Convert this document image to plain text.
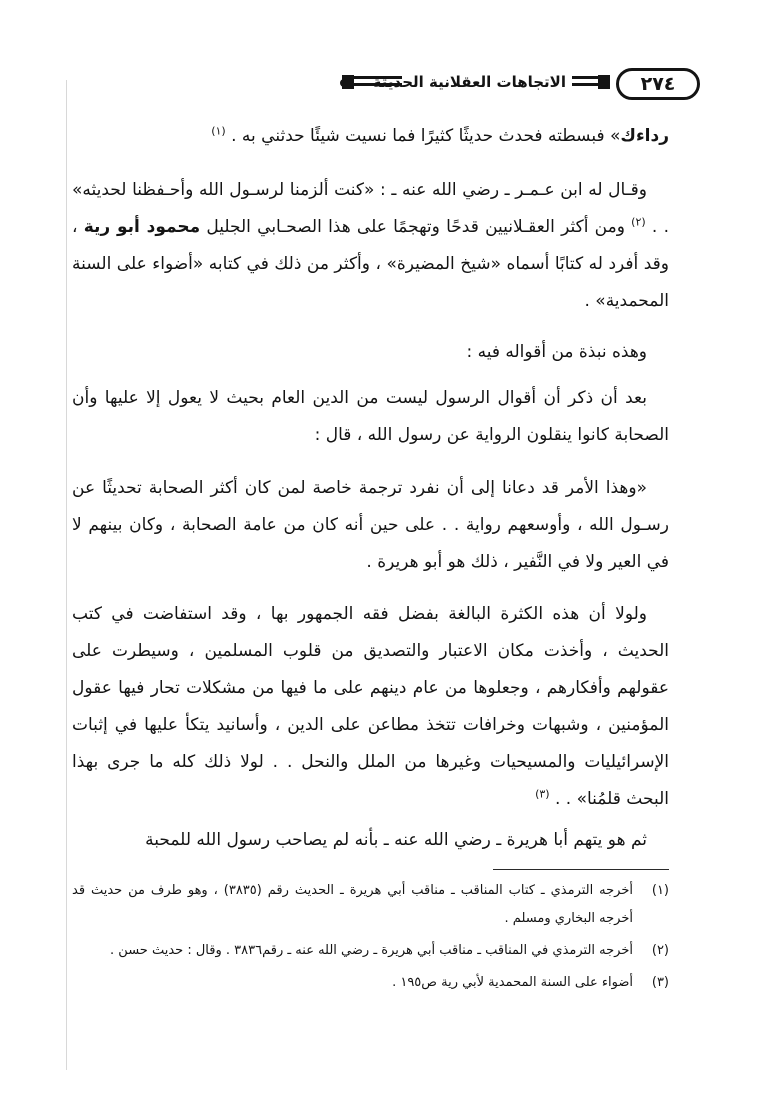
٢٧٤
الاتجاهات العقلانية الحديثة

رداءك» فبسطته فحدث حديثًا كثيرًا فما نسيت شيئًا حدثني به . $^{(١)}$

وقـال له ابن عـمـر ـ رضي الله عنه ـ : «كنت ألزمنا لرسـول الله وأحـفظنا لحديثه» . . $^{(٢)}$ ومن أكثر العقـلانيين قدحًا وتهجمًا على هذا الصحـابي الجليل محمود أبو رية ، وقد أفرد له كتابًا أسماه «شيخ المضيرة» ، وأكثر من ذلك في كتابه «أضواء على السنة المحمدية» .

وهذه نبذة من أقواله فيه :

بعد أن ذكر أن أقوال الرسول ليست من الدين العام بحيث لا يعول إلا عليها وأن الصحابة كانوا ينقلون الرواية عن رسول الله ، قال :

«وهذا الأمر قد دعانا إلى أن نفرد ترجمة خاصة لمن كان أكثر الصحابة تحديثًا عن رسـول الله ، وأوسعهم رواية . . على حين أنه كان من عامة الصحابة ، وكان بينهم لا في العير ولا في النَّفير ، ذلك هو أبو هريرة .

ولولا أن هذه الكثرة البالغة بفضل فقه الجمهور بها ، وقد استفاضت في كتب الحديث ، وأخذت مكان الاعتبار والتصديق من قلوب المسلمين ، وسيطرت على عقولهم وأفكارهم ، وجعلوها من عام دينهم على ما فيها من مشكلات تحار فيها عقول المؤمنين ، وشبهات وخرافات تتخذ مطاعن على الدين ، وأسانيد يتكأ عليها في إثبات الإسرائيليات والمسيحيات وغيرها من الملل والنحل . . لولا ذلك كله ما جرى بهذا البحث قلمُنا» . . $^{(٣)}$

ثم هو يتهم أبا هريرة ـ رضي الله عنه ـ بأنه لم يصاحب رسول الله للمحبة

(١)أخرجه الترمذي ـ كتاب المناقب ـ مناقب أبي هريرة ـ الحديث رقم (٣٨٣٥) ، وهو طرف من حديث قد أخرجه البخاري ومسلم .

(٢)أخرجه الترمذي في المناقب ـ مناقب أبي هريرة ـ رضي الله عنه ـ رقم٣٨٣٦ . وقال : حديث حسن .

(٣)أضواء على السنة المحمدية لأبي رية ص١٩٥ .
